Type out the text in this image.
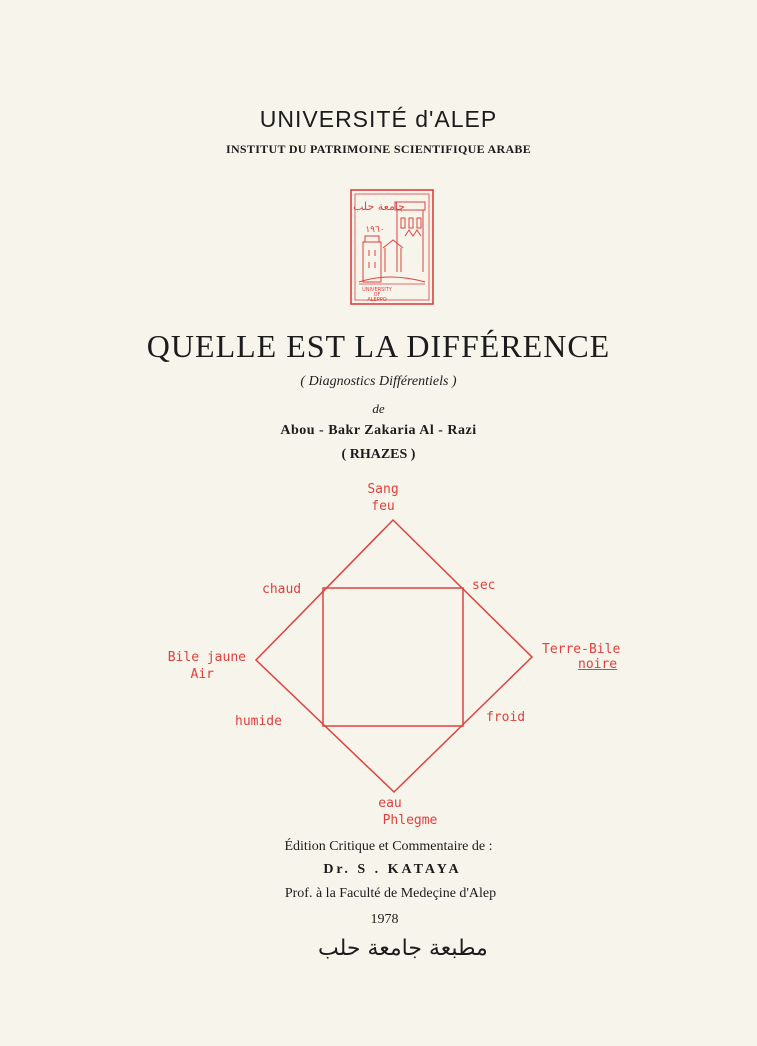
UNIVERSITÉ d'ALEP
INSTITUT DU PATRIMOINE SCIENTIFIQUE ARABE
جامعة حلب
١٩٦٠
UNIVERSITY
OF
ALEPPO
QUELLE EST LA DIFFÉRENCE
( Diagnostics Différentiels )
de
Abou - Bakr Zakaria Al - Razi
( RHAZES )
Sang
feu
chaud	sec
Bile jaune
Air
Terre-Bile
noire
humide	froid
eau
Phlegme
Édition Critique et Commentaire de :
Dr. S . KATAYA
Prof. à la Faculté de Medeçine d'Alep
1978
مطبعة جامعة حلب
